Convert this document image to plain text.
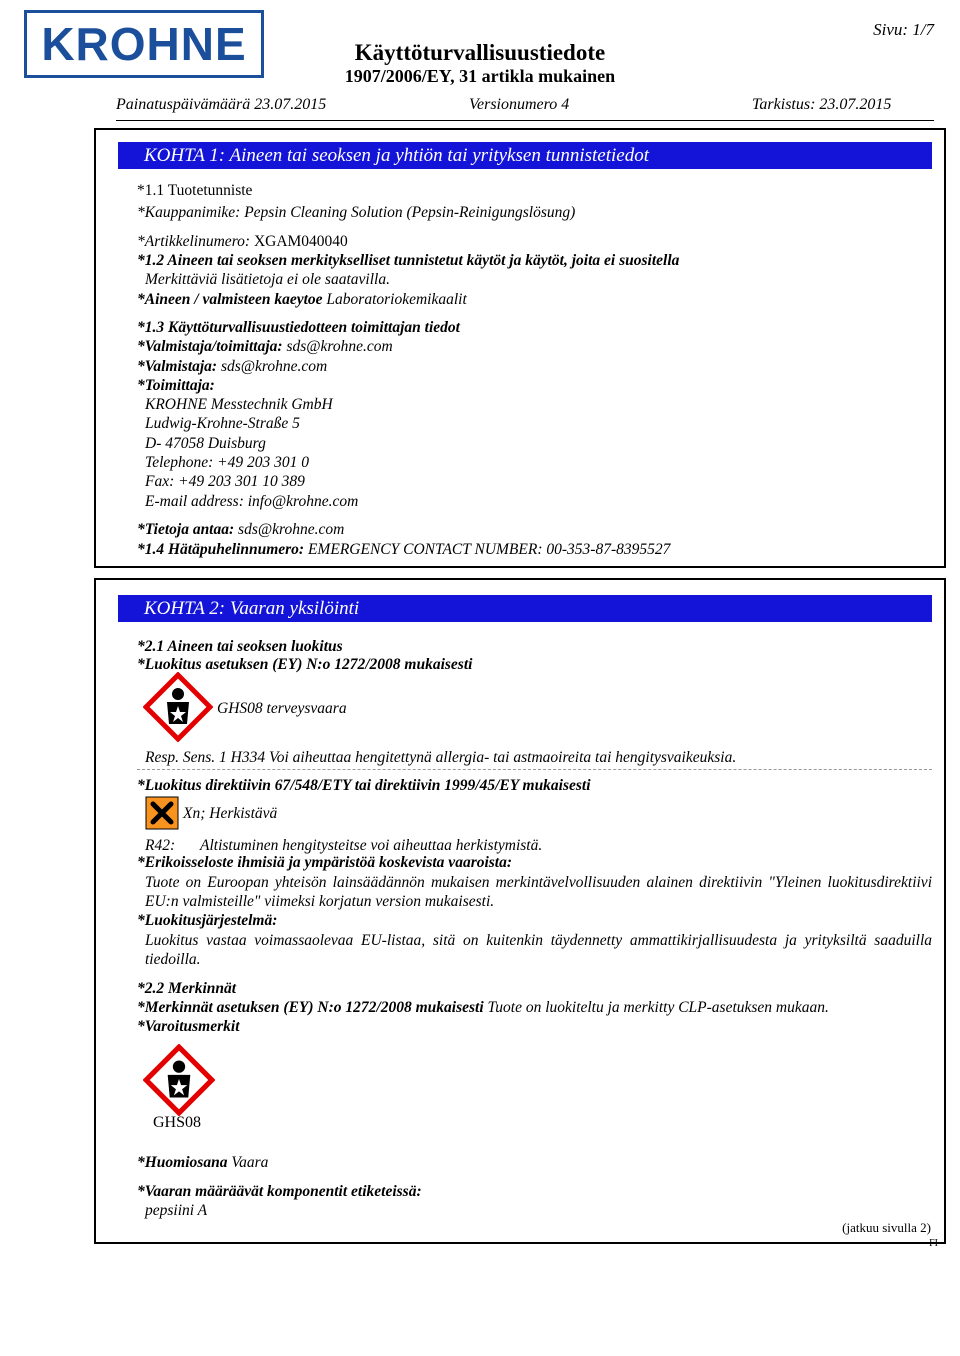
KROHNE	Käyttöturvallisuustiedote
1907/2006/EY, 31 artikla mukainen
Sivu: 1/7
Painatuspäivämäärä 23.07.2015	Versionumero 4	Tarkistus: 23.07.2015
KOHTA 1: Aineen tai seoksen ja yhtiön tai yrityksen tunnistetiedot
*1.1 Tuotetunniste
*Kauppanimike: Pepsin Cleaning Solution (Pepsin-Reinigungslösung)
*Artikkelinumero: XGAM040040
*1.2 Aineen tai seoksen merkitykselliset tunnistetut käytöt ja käytöt, joita ei suositella
Merkittäviä lisätietoja ei ole saatavilla.
*Aineen / valmisteen kaeytoe Laboratoriokemikaalit
*1.3 Käyttöturvallisuustiedotteen toimittajan tiedot
*Valmistaja/toimittaja: sds@krohne.com
*Valmistaja: sds@krohne.com
*Toimittaja:
KROHNE Messtechnik GmbH
Ludwig-Krohne-Straße 5
D- 47058 Duisburg
Telephone: +49 203 301 0
Fax: +49 203 301 10 389
E-mail address: info@krohne.com
*Tietoja antaa: sds@krohne.com
*1.4 Hätäpuhelinnumero: EMERGENCY CONTACT NUMBER: 00-353-87-8395527
KOHTA 2: Vaaran yksilöinti
*2.1 Aineen tai seoksen luokitus
*Luokitus asetuksen (EY) N:o 1272/2008 mukaisesti
GHS08 terveysvaara
Resp. Sens. 1 H334 Voi aiheuttaa hengitettynä allergia- tai astmaoireita tai hengitysvaikeuksia.
*Luokitus direktiivin 67/548/ETY tai direktiivin 1999/45/EY mukaisesti
Xn; Herkistävä
R42: Altistuminen hengitysteitse voi aiheuttaa herkistymistä.
*Erikoisseloste ihmisiä ja ympäristöä koskevista vaaroista:
Tuote on Euroopan yhteisön lainsäädännön mukaisen merkintävelvollisuuden alainen direktiivin "Yleinen luokitusdirektiivi EU:n valmisteille" viimeksi korjatun version mukaisesti.
*Luokitusjärjestelmä:
Luokitus vastaa voimassaolevaa EU-listaa, sitä on kuitenkin täydennetty ammattikirjallisuudesta ja yrityksiltä saaduilla tiedoilla.
*2.2 Merkinnät
*Merkinnät asetuksen (EY) N:o 1272/2008 mukaisesti Tuote on luokiteltu ja merkitty CLP-asetuksen mukaan.
*Varoitusmerkit
GHS08
*Huomiosana Vaara
*Vaaran määräävät komponentit etiketeissä:
pepsiini A
(jatkuu sivulla 2)
FI
